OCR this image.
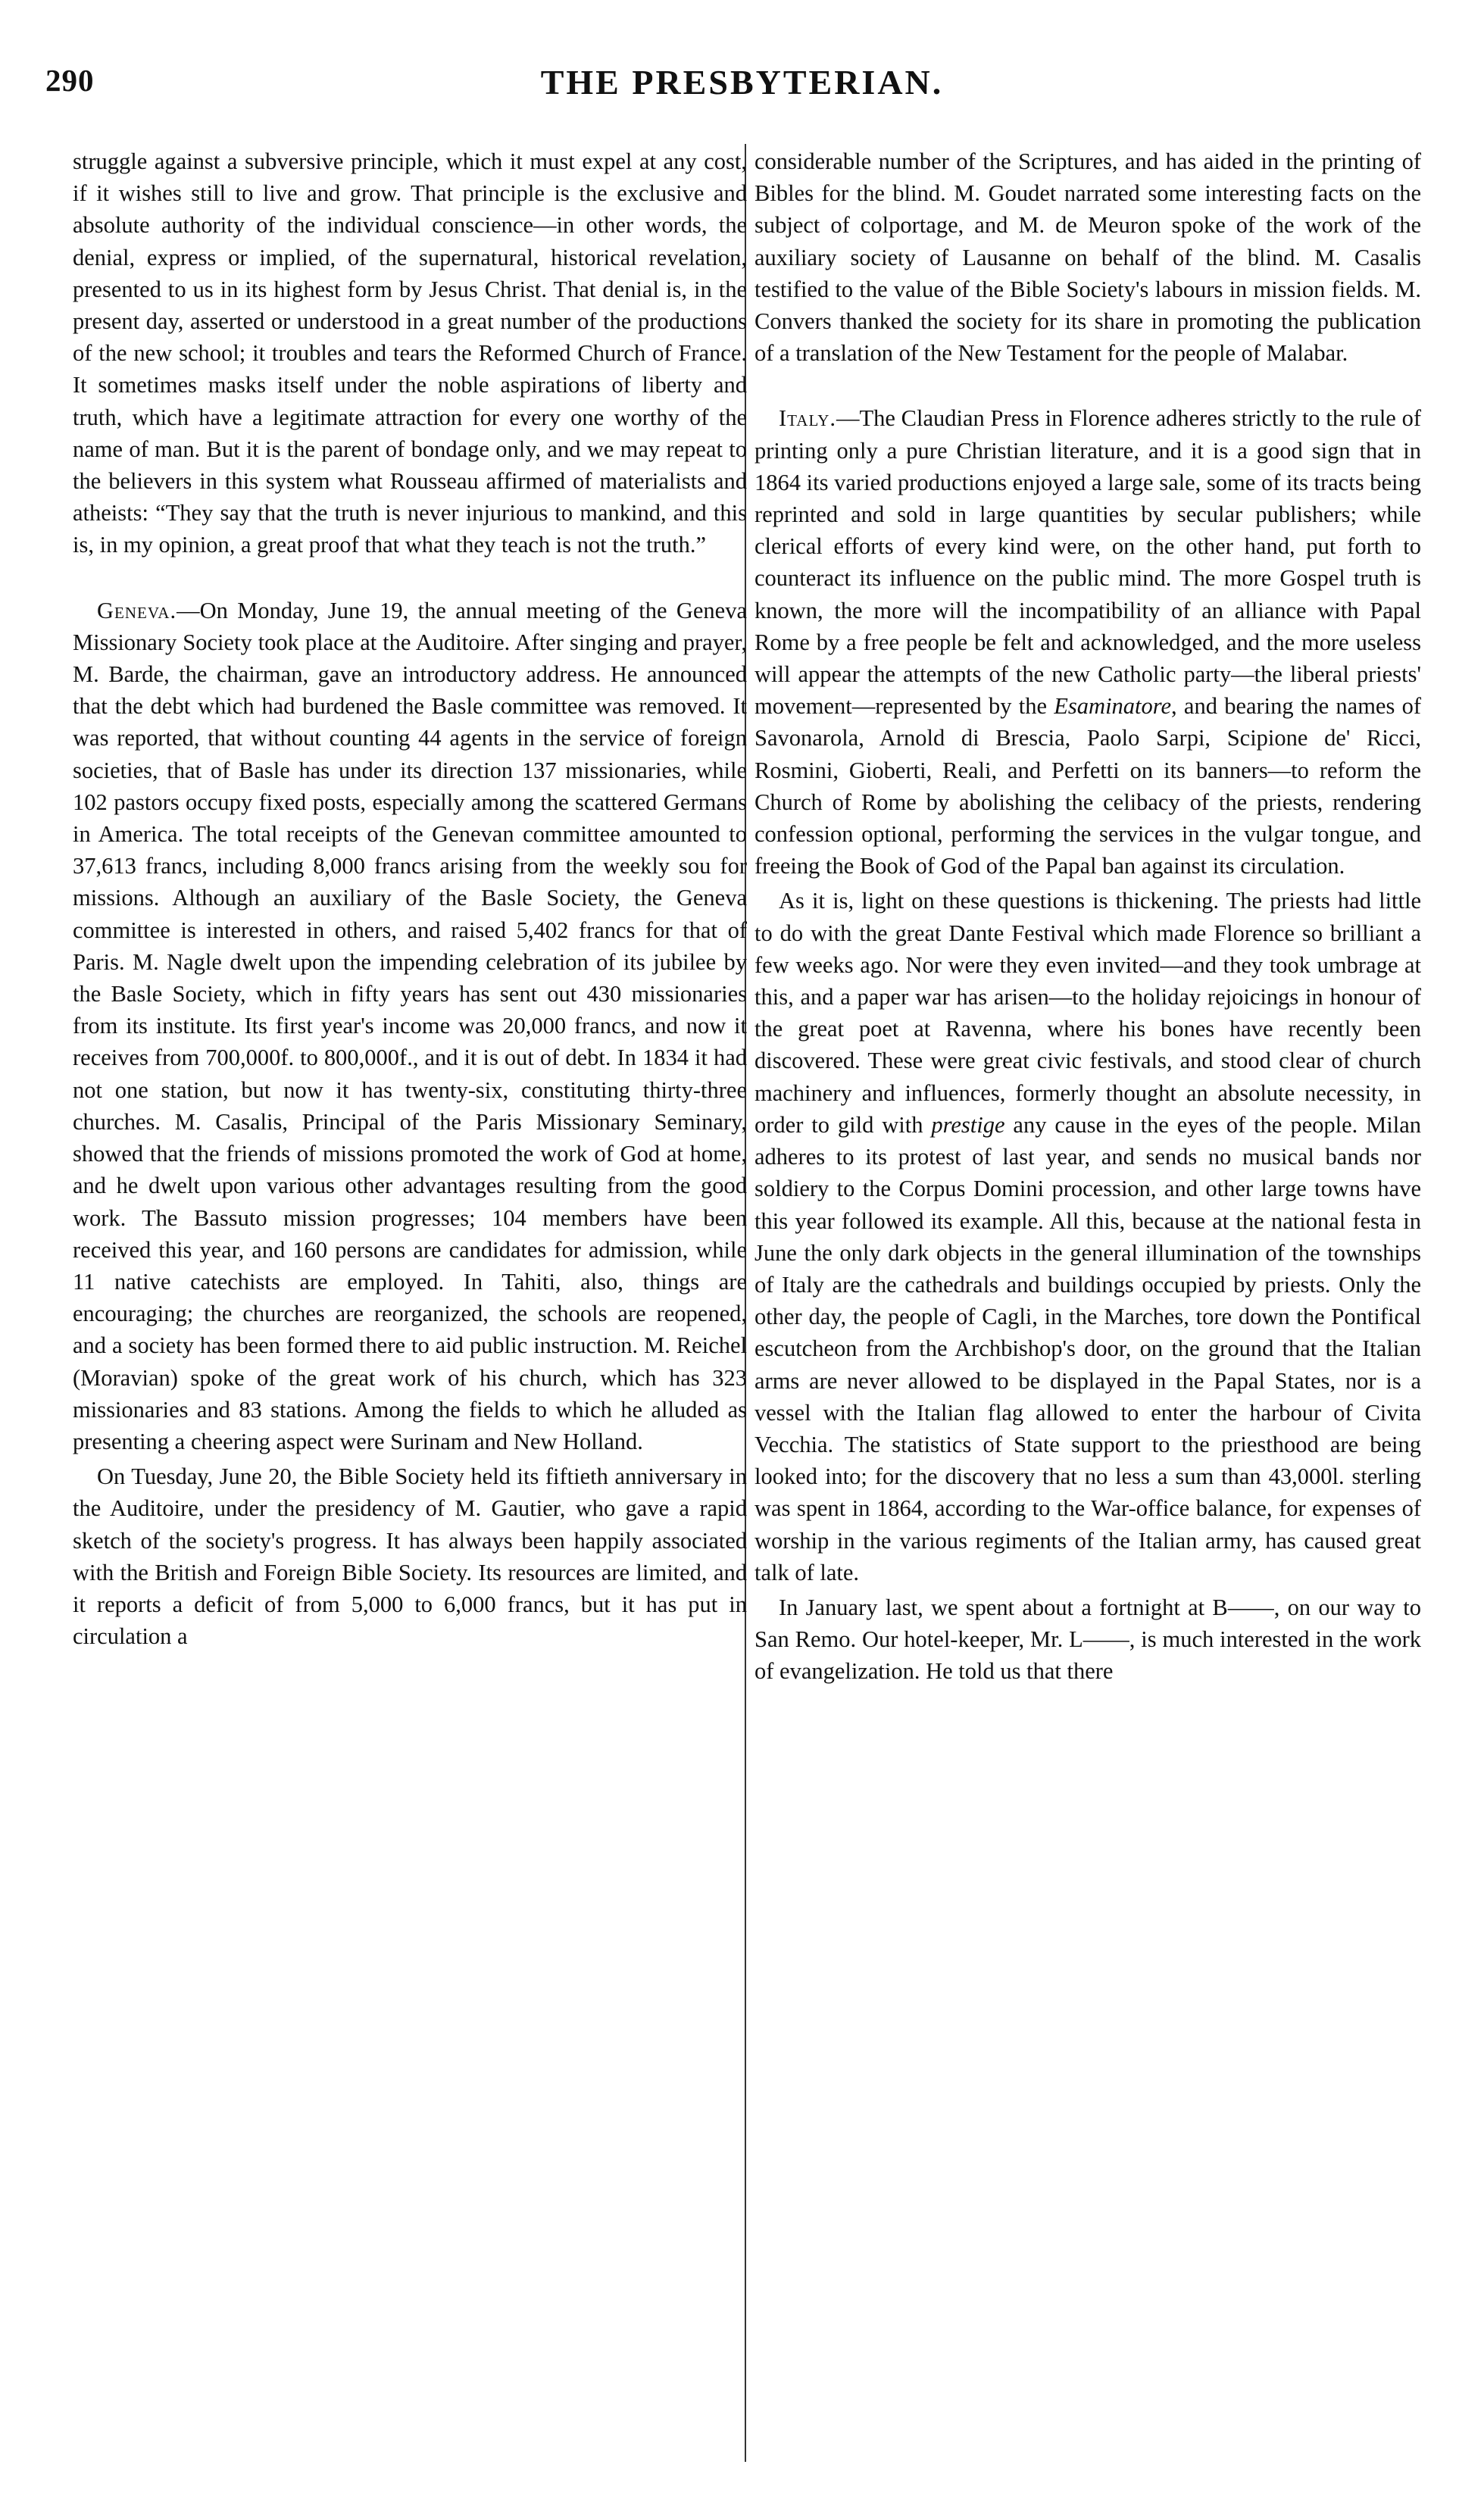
290	THE PRESBYTERIAN.

struggle against a subversive principle, which it must expel at any cost, if it wishes still to live and grow. That principle is the exclusive and absolute authority of the individual conscience—in other words, the denial, express or implied, of the supernatural, historical revelation, presented to us in its highest form by Jesus Christ. That denial is, in the present day, asserted or understood in a great number of the productions of the new school; it troubles and tears the Reformed Church of France. It sometimes masks itself under the noble aspirations of liberty and truth, which have a legitimate attraction for every one worthy of the name of man. But it is the parent of bondage only, and we may repeat to the believers in this system what Rousseau affirmed of materialists and atheists: “They say that the truth is never injurious to mankind, and this is, in my opinion, a great proof that what they teach is not the truth.”

Geneva.—On Monday, June 19, the annual meeting of the Geneva Missionary Society took place at the Auditoire. After singing and prayer, M. Barde, the chairman, gave an introductory address. He announced that the debt which had burdened the Basle committee was removed. It was reported, that without counting 44 agents in the service of foreign societies, that of Basle has under its direction 137 missionaries, while 102 pastors occupy fixed posts, especially among the scattered Germans in America. The total receipts of the Genevan committee amounted to 37,613 francs, including 8,000 francs arising from the weekly sou for missions. Although an auxiliary of the Basle Society, the Geneva committee is interested in others, and raised 5,402 francs for that of Paris. M. Nagle dwelt upon the impending celebration of its jubilee by the Basle Society, which in fifty years has sent out 430 missionaries from its institute. Its first year's income was 20,000 francs, and now it receives from 700,000f. to 800,000f., and it is out of debt. In 1834 it had not one station, but now it has twenty-six, constituting thirty-three churches. M. Casalis, Principal of the Paris Missionary Seminary, showed that the friends of missions promoted the work of God at home, and he dwelt upon various other advantages resulting from the good work. The Bassuto mission progresses; 104 members have been received this year, and 160 persons are candidates for admission, while 11 native catechists are employed. In Tahiti, also, things are encouraging; the churches are reorganized, the schools are reopened, and a society has been formed there to aid public instruction. M. Reichel (Moravian) spoke of the great work of his church, which has 323 missionaries and 83 stations. Among the fields to which he alluded as presenting a cheering aspect were Surinam and New Holland.

On Tuesday, June 20, the Bible Society held its fiftieth anniversary in the Auditoire, under the presidency of M. Gautier, who gave a rapid sketch of the society's progress. It has always been happily associated with the British and Foreign Bible Society. Its resources are limited, and it reports a deficit of from 5,000 to 6,000 francs, but it has put in circulation a

considerable number of the Scriptures, and has aided in the printing of Bibles for the blind. M. Goudet narrated some interesting facts on the subject of colportage, and M. de Meuron spoke of the work of the auxiliary society of Lausanne on behalf of the blind. M. Casalis testified to the value of the Bible Society's labours in mission fields. M. Convers thanked the society for its share in promoting the publication of a translation of the New Testament for the people of Malabar.

Italy.—The Claudian Press in Florence adheres strictly to the rule of printing only a pure Christian literature, and it is a good sign that in 1864 its varied productions enjoyed a large sale, some of its tracts being reprinted and sold in large quantities by secular publishers; while clerical efforts of every kind were, on the other hand, put forth to counteract its influence on the public mind. The more Gospel truth is known, the more will the incompatibility of an alliance with Papal Rome by a free people be felt and acknowledged, and the more useless will appear the attempts of the new Catholic party—the liberal priests' movement—represented by the Esaminatore, and bearing the names of Savonarola, Arnold di Brescia, Paolo Sarpi, Scipione de' Ricci, Rosmini, Gioberti, Reali, and Perfetti on its banners—to reform the Church of Rome by abolishing the celibacy of the priests, rendering confession optional, performing the services in the vulgar tongue, and freeing the Book of God of the Papal ban against its circulation.

As it is, light on these questions is thickening. The priests had little to do with the great Dante Festival which made Florence so brilliant a few weeks ago. Nor were they even invited—and they took umbrage at this, and a paper war has arisen—to the holiday rejoicings in honour of the great poet at Ravenna, where his bones have recently been discovered. These were great civic festivals, and stood clear of church machinery and influences, formerly thought an absolute necessity, in order to gild with prestige any cause in the eyes of the people. Milan adheres to its protest of last year, and sends no musical bands nor soldiery to the Corpus Domini procession, and other large towns have this year followed its example. All this, because at the national festa in June the only dark objects in the general illumination of the townships of Italy are the cathedrals and buildings occupied by priests. Only the other day, the people of Cagli, in the Marches, tore down the Pontifical escutcheon from the Archbishop's door, on the ground that the Italian arms are never allowed to be displayed in the Papal States, nor is a vessel with the Italian flag allowed to enter the harbour of Civita Vecchia. The statistics of State support to the priesthood are being looked into; for the discovery that no less a sum than 43,000l. sterling was spent in 1864, according to the War-office balance, for expenses of worship in the various regiments of the Italian army, has caused great talk of late.

In January last, we spent about a fortnight at B——, on our way to San Remo. Our hotel-keeper, Mr. L——, is much interested in the work of evangelization. He told us that there
